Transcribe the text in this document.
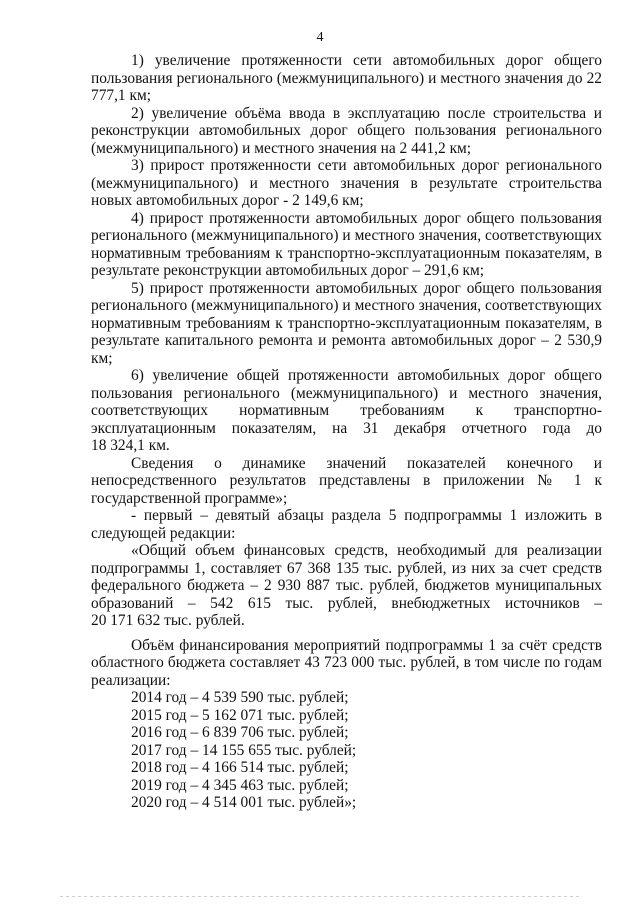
4

1) увеличение протяженности сети автомобильных дорог общего пользования регионального (межмуниципального) и местного значения до 22 777,1 км;

2) увеличение объёма ввода в эксплуатацию после строительства и реконструкции автомобильных дорог общего пользования регионального (межмуниципального) и местного значения на 2 441,2 км;

3) прирост протяженности сети автомобильных дорог регионального (межмуниципального) и местного значения в результате строительства новых автомобильных дорог - 2 149,6 км;

4) прирост протяженности автомобильных дорог общего пользования регионального (межмуниципального) и местного значения, соответствующих нормативным требованиям к транспортно-эксплуатационным показателям, в результате реконструкции автомобильных дорог – 291,6 км;

5) прирост протяженности автомобильных дорог общего пользования регионального (межмуниципального) и местного значения, соответствующих нормативным требованиям к транспортно-эксплуатационным показателям, в результате капитального ремонта и ремонта автомобильных дорог – 2 530,9 км;

6) увеличение общей протяженности автомобильных дорог общего пользования регионального (межмуниципального) и местного значения, соответствующих нормативным требованиям к транспортно-эксплуатационным показателям, на 31 декабря отчетного года до

18 324,1 км.

Сведения о динамике значений показателей конечного и непосредственного результатов представлены в приложении № 1 к государственной программе»;

- первый – девятый абзацы раздела 5 подпрограммы 1 изложить в следующей редакции:

«Общий объем финансовых средств, необходимый для реализации подпрограммы 1, составляет 67 368 135 тыс. рублей, из них за счет средств федерального бюджета – 2 930 887 тыс. рублей, бюджетов муниципальных образований – 542 615 тыс. рублей, внебюджетных источников –

20 171 632 тыс. рублей.

Объём финансирования мероприятий подпрограммы 1 за счёт средств областного бюджета составляет 43 723 000 тыс. рублей, в том числе по годам реализации:

2014 год – 4 539 590 тыс. рублей;
2015 год – 5 162 071 тыс. рублей;
2016 год – 6 839 706 тыс. рублей;
2017 год – 14 155 655 тыс. рублей;
2018 год – 4 166 514 тыс. рублей;
2019 год – 4 345 463 тыс. рублей;
2020 год – 4 514 001 тыс. рублей»;
